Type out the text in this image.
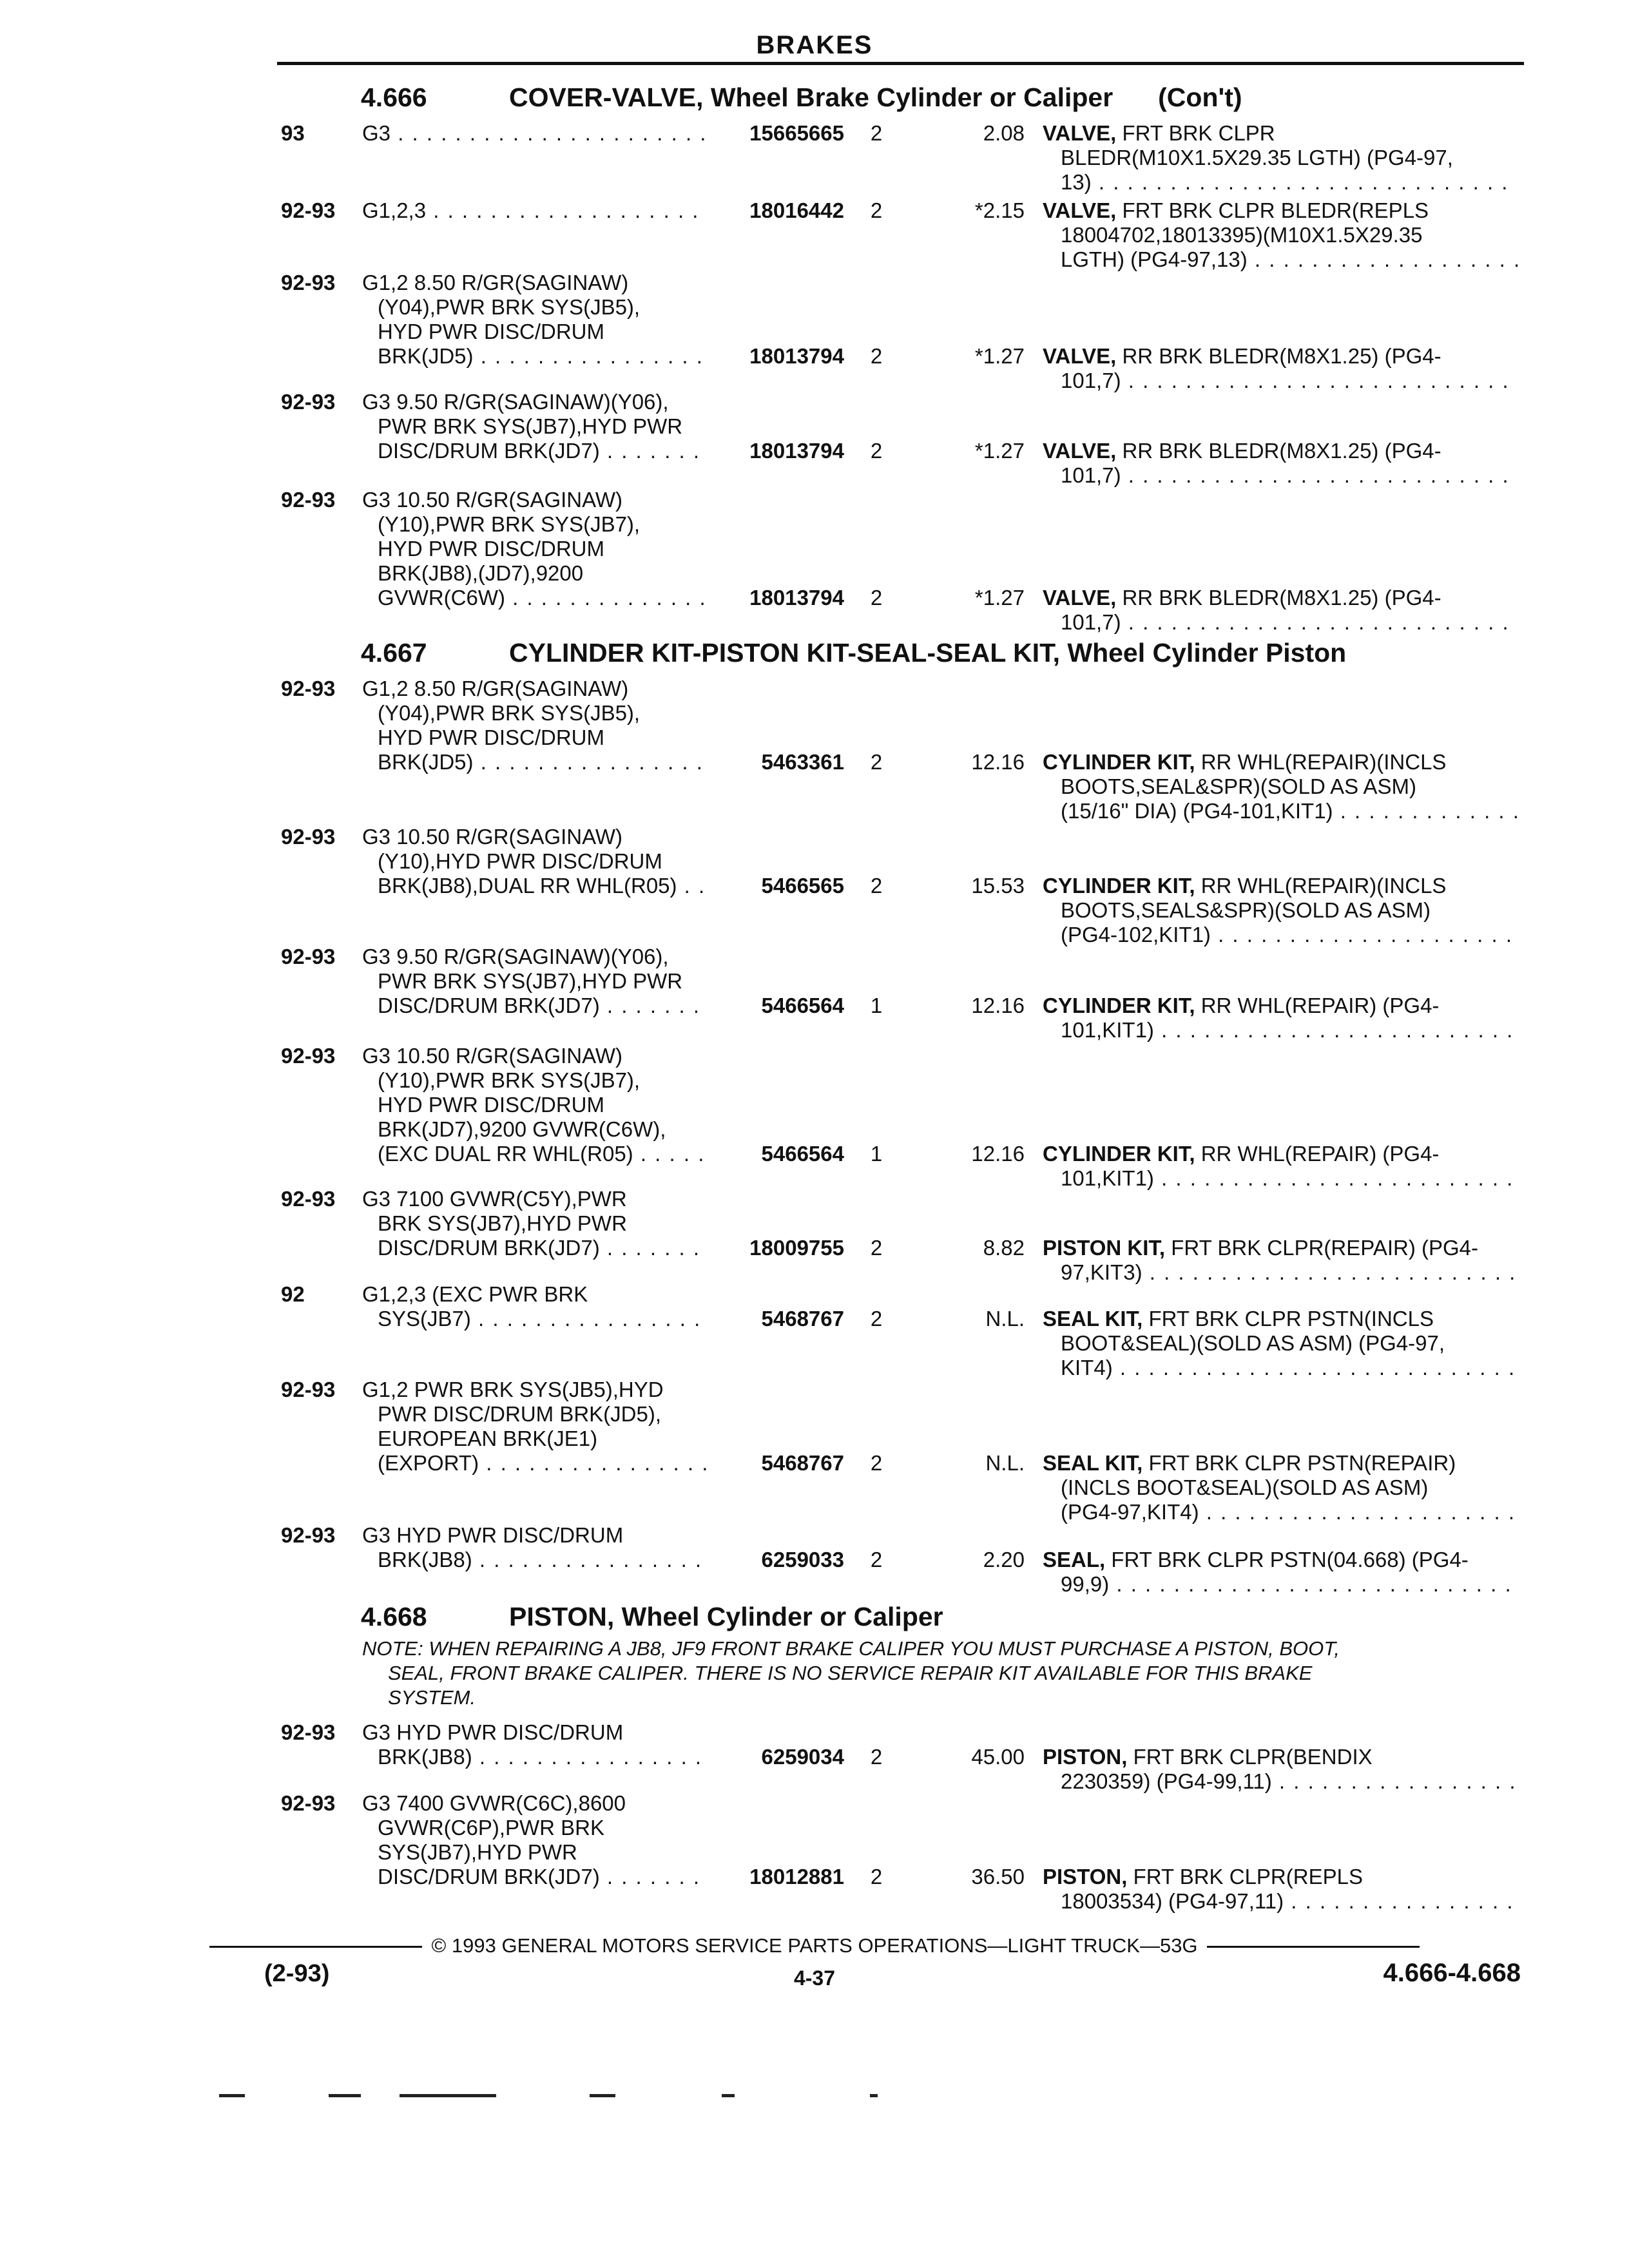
BRAKES
4.666	COVER-VALVE, Wheel Brake Cylinder or Caliper (Con't)
4.667	CYLINDER KIT-PISTON KIT-SEAL-SEAL KIT, Wheel Cylinder Piston
4.668	PISTON, Wheel Cylinder or Caliper
NOTE: WHEN REPAIRING A JB8, JF9 FRONT BRAKE CALIPER YOU MUST PURCHASE A PISTON, BOOT,
SEAL, FRONT BRAKE CALIPER. THERE IS NO SERVICE REPAIR KIT AVAILABLE FOR THIS BRAKE
SYSTEM.
93	G3 . . . . . . . . . . . . . . . . . . . . . .	15665665	2	2.08 VALVE, FRT BRK CLPR
BLEDR(M10X1.5X29.35 LGTH) (PG4-97,
13) . . . . . . . . . . . . . . . . . . . . . . . . . . . . .
92-93 G1,2,3 . . . . . . . . . . . . . . . . . . .	18016442	2	*2.15 VALVE, FRT BRK CLPR BLEDR(REPLS
18004702,18013395)(M10X1.5X29.35
LGTH) (PG4-97,13) . . . . . . . . . . . . . . . . . . .
92-93 G1,2 8.50 R/GR(SAGINAW)
(Y04),PWR BRK SYS(JB5),
HYD PWR DISC/DRUM
BRK(JD5) . . . . . . . . . . . . . . . .	18013794	2	*1.27 VALVE, RR BRK BLEDR(M8X1.25) (PG4-
101,7) . . . . . . . . . . . . . . . . . . . . . . . . . . .
92-93 G3 9.50 R/GR(SAGINAW)(Y06),
PWR BRK SYS(JB7),HYD PWR
DISC/DRUM BRK(JD7) . . . . . . .	18013794	2	*1.27 VALVE, RR BRK BLEDR(M8X1.25) (PG4-
101,7) . . . . . . . . . . . . . . . . . . . . . . . . . . .
92-93 G3 10.50 R/GR(SAGINAW)
(Y10),PWR BRK SYS(JB7),
HYD PWR DISC/DRUM
BRK(JB8),(JD7),9200
GVWR(C6W) . . . . . . . . . . . . . .	18013794	2	*1.27 VALVE, RR BRK BLEDR(M8X1.25) (PG4-
101,7) . . . . . . . . . . . . . . . . . . . . . . . . . . .
92-93 G1,2 8.50 R/GR(SAGINAW)
(Y04),PWR BRK SYS(JB5),
HYD PWR DISC/DRUM
BRK(JD5) . . . . . . . . . . . . . . . .	5463361	2	12.16 CYLINDER KIT, RR WHL(REPAIR)(INCLS
BOOTS,SEAL&SPR)(SOLD AS ASM)
(15/16" DIA) (PG4-101,KIT1) . . . . . . . . . . . . .
92-93 G3 10.50 R/GR(SAGINAW)
(Y10),HYD PWR DISC/DRUM
BRK(JB8),DUAL RR WHL(R05) . .	5466565	2	15.53 CYLINDER KIT, RR WHL(REPAIR)(INCLS
BOOTS,SEALS&SPR)(SOLD AS ASM)
(PG4-102,KIT1) . . . . . . . . . . . . . . . . . . . . .
92-93 G3 9.50 R/GR(SAGINAW)(Y06),
PWR BRK SYS(JB7),HYD PWR
DISC/DRUM BRK(JD7) . . . . . . .	5466564	1	12.16 CYLINDER KIT, RR WHL(REPAIR) (PG4-
101,KIT1) . . . . . . . . . . . . . . . . . . . . . . . . .
92-93 G3 10.50 R/GR(SAGINAW)
(Y10),PWR BRK SYS(JB7),
HYD PWR DISC/DRUM
BRK(JD7),9200 GVWR(C6W),
(EXC DUAL RR WHL(R05) . . . . .	5466564	1	12.16 CYLINDER KIT, RR WHL(REPAIR) (PG4-
101,KIT1) . . . . . . . . . . . . . . . . . . . . . . . . .
92-93 G3 7100 GVWR(C5Y),PWR
BRK SYS(JB7),HYD PWR
DISC/DRUM BRK(JD7) . . . . . . .	18009755	2	8.82 PISTON KIT, FRT BRK CLPR(REPAIR) (PG4-
97,KIT3) . . . . . . . . . . . . . . . . . . . . . . . . . .
92	G1,2,3 (EXC PWR BRK
SYS(JB7) . . . . . . . . . . . . . . . .	5468767	2	N.L. SEAL KIT, FRT BRK CLPR PSTN(INCLS
BOOT&SEAL)(SOLD AS ASM) (PG4-97,
KIT4) . . . . . . . . . . . . . . . . . . . . . . . . . . . .
92-93 G1,2 PWR BRK SYS(JB5),HYD
PWR DISC/DRUM BRK(JD5),
EUROPEAN BRK(JE1)
(EXPORT) . . . . . . . . . . . . . . . .	5468767	2	N.L. SEAL KIT, FRT BRK CLPR PSTN(REPAIR)
(INCLS BOOT&SEAL)(SOLD AS ASM)
(PG4-97,KIT4) . . . . . . . . . . . . . . . . . . . . . .
92-93 G3 HYD PWR DISC/DRUM
BRK(JB8) . . . . . . . . . . . . . . . .	6259033	2	2.20 SEAL, FRT BRK CLPR PSTN(04.668) (PG4-
99,9) . . . . . . . . . . . . . . . . . . . . . . . . . . . .
92-93 G3 HYD PWR DISC/DRUM
BRK(JB8) . . . . . . . . . . . . . . . .	6259034	2	45.00 PISTON, FRT BRK CLPR(BENDIX
2230359) (PG4-99,11) . . . . . . . . . . . . . . . . .
92-93 G3 7400 GVWR(C6C),8600
GVWR(C6P),PWR BRK
SYS(JB7),HYD PWR
DISC/DRUM BRK(JD7) . . . . . . .	18012881	2	36.50 PISTON, FRT BRK CLPR(REPLS
18003534) (PG4-97,11) . . . . . . . . . . . . . . . .
© 1993 GENERAL MOTORS SERVICE PARTS OPERATIONS—LIGHT TRUCK—53G
(2-93)	4-37	4.666-4.668
